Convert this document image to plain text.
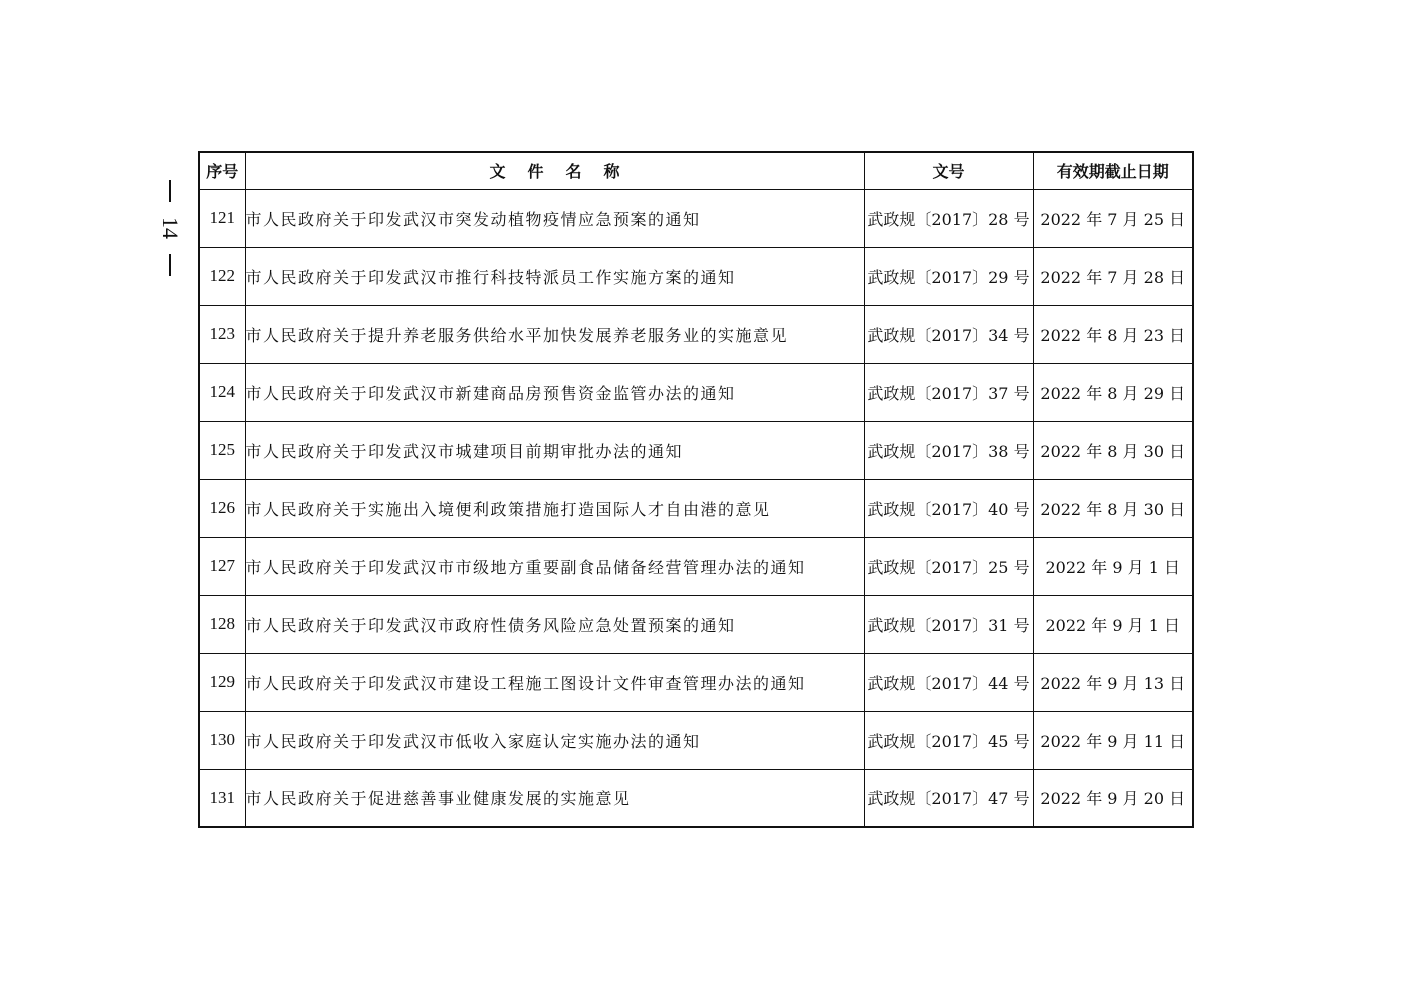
14
序号	文件名称	文号	有效期截止日期
121	市人民政府关于印发武汉市突发动植物疫情应急预案的通知	武政规〔2017〕28 号	2022 年 7 月 25 日
122	市人民政府关于印发武汉市推行科技特派员工作实施方案的通知	武政规〔2017〕29 号	2022 年 7 月 28 日
123	市人民政府关于提升养老服务供给水平加快发展养老服务业的实施意见	武政规〔2017〕34 号	2022 年 8 月 23 日
124	市人民政府关于印发武汉市新建商品房预售资金监管办法的通知	武政规〔2017〕37 号	2022 年 8 月 29 日
125	市人民政府关于印发武汉市城建项目前期审批办法的通知	武政规〔2017〕38 号	2022 年 8 月 30 日
126	市人民政府关于实施出入境便利政策措施打造国际人才自由港的意见	武政规〔2017〕40 号	2022 年 8 月 30 日
127	市人民政府关于印发武汉市市级地方重要副食品储备经营管理办法的通知	武政规〔2017〕25 号	2022 年 9 月 1 日
128	市人民政府关于印发武汉市政府性债务风险应急处置预案的通知	武政规〔2017〕31 号	2022 年 9 月 1 日
129	市人民政府关于印发武汉市建设工程施工图设计文件审查管理办法的通知	武政规〔2017〕44 号	2022 年 9 月 13 日
130	市人民政府关于印发武汉市低收入家庭认定实施办法的通知	武政规〔2017〕45 号	2022 年 9 月 11 日
131	市人民政府关于促进慈善事业健康发展的实施意见	武政规〔2017〕47 号	2022 年 9 月 20 日
